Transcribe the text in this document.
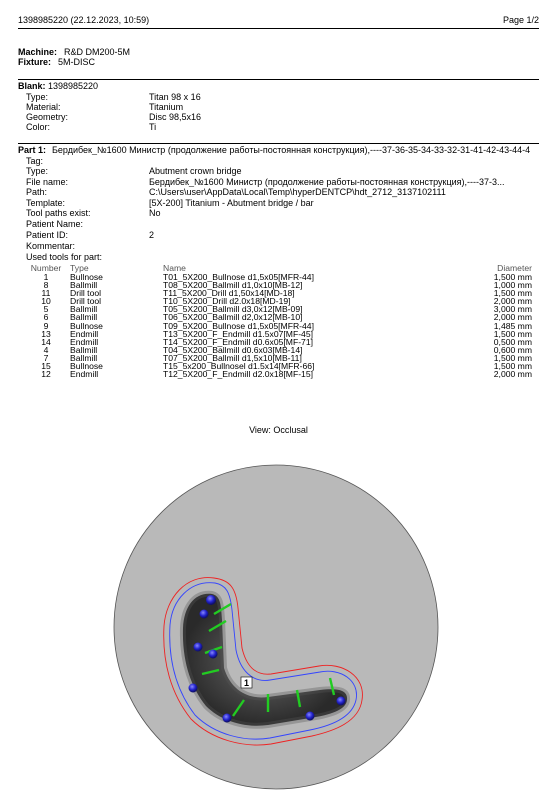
1398985220 (22.12.2023, 10:59)	Page 1/2
Machine: R&D DM200-5M
Fixture: 5M-DISC
Blank: 1398985220
Type:	Titan 98 x 16
Material:	Titanium
Geometry:	Disc 98,5x16
Color:	Ti
Part 1: Бердибек_№1600 Министр (продолжение работы-постоянная конструкция),----37-36-35-34-33-32-31-41-42-43-44-4
Tag:
Type:	Abutment crown bridge
File name:	Бердибек_№1600 Министр (продолжение работы-постоянная конструкция),----37-3...
Path:	C:\Users\user\AppData\Local\Temp\hyperDENTCP\hdt_2712_3137102111
Template:	[5X-200] Titanium - Abutment bridge / bar
Tool paths exist:	No
Patient Name:
Patient ID:	2
Kommentar:
Used tools for part:
Number	Type	Name	Diameter
1	Bullnose	T01_5X200_Bullnose d1,5x05[MFR-44]	1,500 mm
8	Ballmill	T08_5X200_Ballmill d1,0x10[MB-12]	1,000 mm
11	Drill tool	T11_5X200_Drill d1,50x14[MD-18]	1,500 mm
10	Drill tool	T10_5X200_Drill d2.0x18[MD-19]	2,000 mm
5	Ballmill	T05_5X200_Ballmill d3,0x12[MB-09]	3,000 mm
6	Ballmill	T06_5X200_Ballmill d2,0x12[MB-10]	2,000 mm
9	Bullnose	T09_5X200_Bullnose d1,5x05[MFR-44]	1,485 mm
13	Endmill	T13_5X200_F_Endmill d1.5x07[MF-45]	1,500 mm
14	Endmill	T14_5X200_F_Endmill d0.6x05[MF-71]	0,500 mm
4	Ballmill	T04_5X200_Ballmill d0.6x03[MB-14]	0,600 mm
7	Ballmill	T07_5X200_Ballmill d1,5x10[MB-11]	1,500 mm
15	Bullnose	T15_5x200_Bullnosel d1.5x14[MFR-66]	1,500 mm
12	Endmill	T12_5X200_F_Endmill d2.0x18[MF-15]	2,000 mm
View: Occlusal
1
